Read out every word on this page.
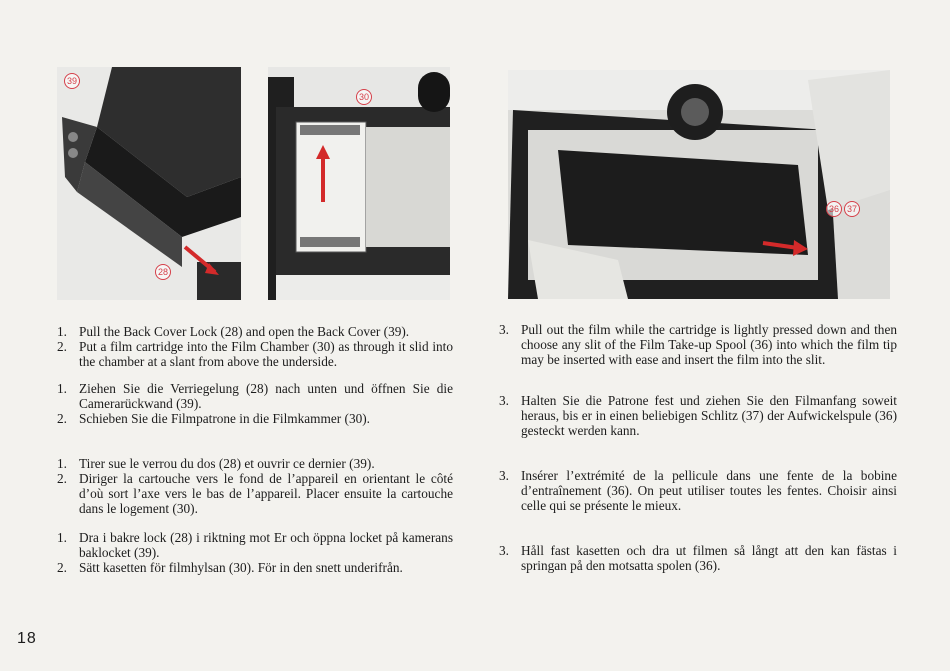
39
28
30
36 37
1. Pull the Back Cover Lock (28) and open the Back Cover (39).
2. Put a film cartridge into the Film Chamber (30) as through it slid into the chamber at a slant from above the underside.
1. Ziehen Sie die Verriegelung (28) nach unten und öffnen Sie die Camerarückwand (39).
2. Schieben Sie die Filmpatrone in die Filmkammer (30).
1. Tirer sue le verrou du dos (28) et ouvrir ce dernier (39).
2. Diriger la cartouche vers le fond de l’appareil en orientant le côté d’où sort l’axe vers le bas de l’appareil. Placer ensuite la cartouche dans le logement (30).
1. Dra i bakre lock (28) i riktning mot Er och öppna locket på kamerans baklocket (39).
2. Sätt kasetten för filmhylsan (30). För in den snett underifrån.
3. Pull out the film while the cartridge is lightly pressed down and then choose any slit of the Film Take-up Spool (36) into which the film tip may be inserted with ease and insert the film into the slit.
3. Halten Sie die Patrone fest und ziehen Sie den Filmanfang soweit heraus, bis er in einen beliebigen Schlitz (37) der Aufwickelspule (36) gesteckt werden kann.
3. Insérer l’extrémité de la pellicule dans une fente de la bobine d’entraînement (36). On peut utiliser toutes les fentes. Choisir ainsi celle qui se présente le mieux.
3. Håll fast kasetten och dra ut filmen så långt att den kan fästas i springan på den motsatta spolen (36).
18
